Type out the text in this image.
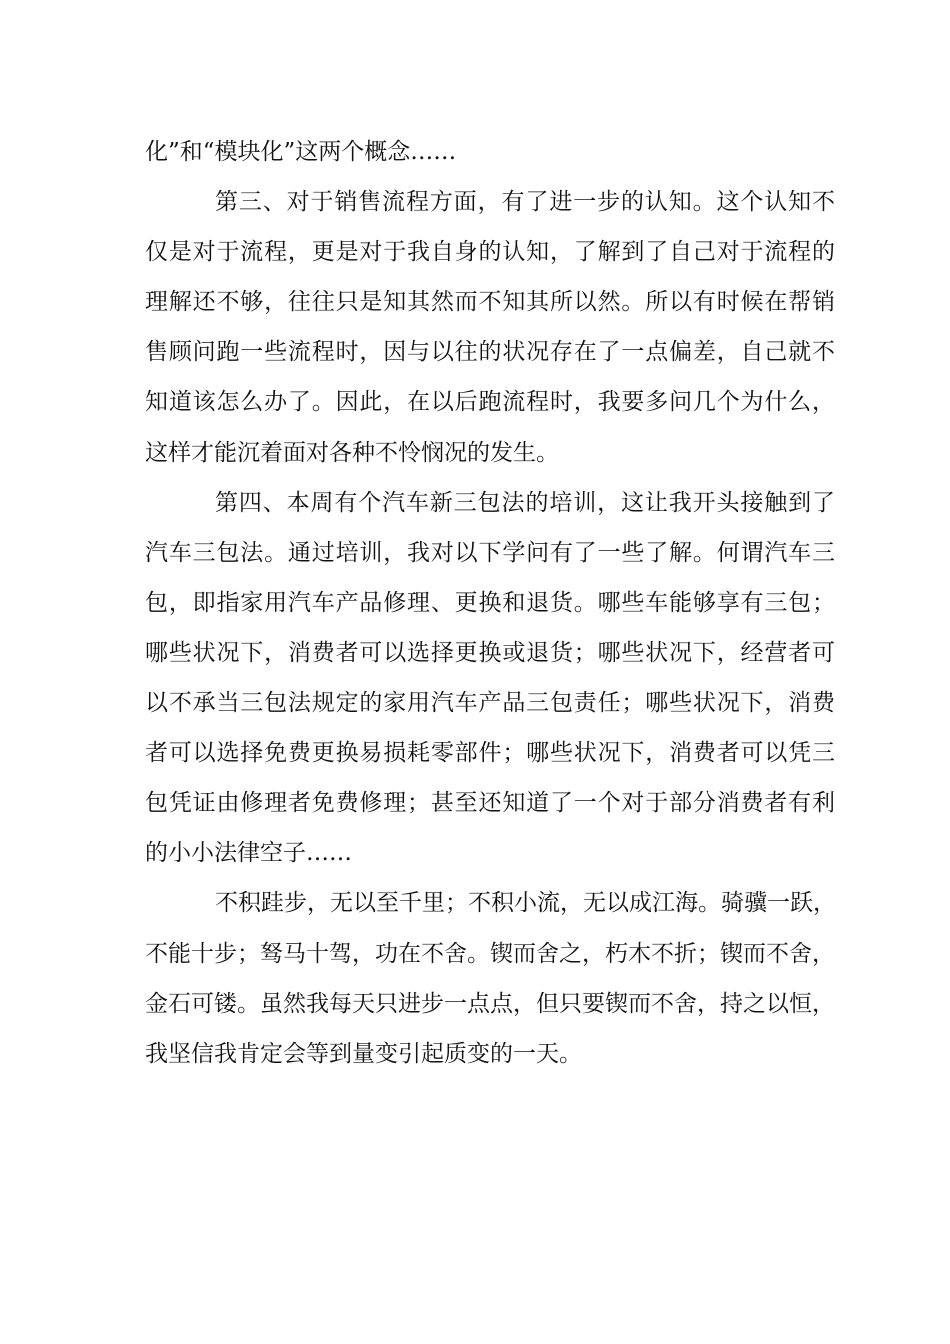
化”和“模块化”这两个概念……
第三、对于销售流程方面，有了进一步的认知。这个认知不
仅是对于流程，更是对于我自身的认知，了解到了自己对于流程的
理解还不够，往往只是知其然而不知其所以然。所以有时候在帮销
售顾问跑一些流程时，因与以往的状况存在了一点偏差，自己就不
知道该怎么办了。因此，在以后跑流程时，我要多问几个为什么，
这样才能沉着面对各种不怜悯况的发生。
第四、本周有个汽车新三包法的培训，这让我开头接触到了
汽车三包法。通过培训，我对以下学问有了一些了解。何谓汽车三
包，即指家用汽车产品修理、更换和退货。哪些车能够享有三包；
哪些状况下，消费者可以选择更换或退货；哪些状况下，经营者可
以不承当三包法规定的家用汽车产品三包责任；哪些状况下，消费
者可以选择免费更换易损耗零部件；哪些状况下，消费者可以凭三
包凭证由修理者免费修理；甚至还知道了一个对于部分消费者有利
的小小法律空子……
不积跬步，无以至千里；不积小流，无以成江海。骑骥一跃，
不能十步；驽马十驾，功在不舍。锲而舍之，朽木不折；锲而不舍，
金石可镂。虽然我每天只进步一点点，但只要锲而不舍，持之以恒，
我坚信我肯定会等到量变引起质变的一天。
